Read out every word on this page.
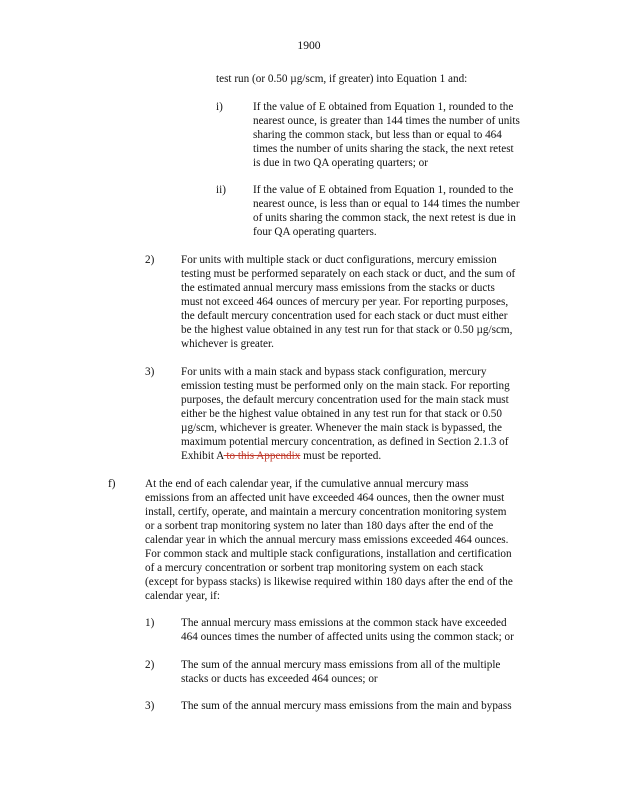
1900
test run (or 0.50 µg/scm, if greater) into Equation 1 and:
i)	If the value of E obtained from Equation 1, rounded to the
nearest ounce, is greater than 144 times the number of units
sharing the common stack, but less than or equal to 464
times the number of units sharing the stack, the next retest
is due in two QA operating quarters; or
ii) If the value of E obtained from Equation 1, rounded to the
nearest ounce, is less than or equal to 144 times the number
of units sharing the common stack, the next retest is due in
four QA operating quarters.
2) For units with multiple stack or duct configurations, mercury emission
testing must be performed separately on each stack or duct, and the sum of
the estimated annual mercury mass emissions from the stacks or ducts
must not exceed 464 ounces of mercury per year. For reporting purposes,
the default mercury concentration used for each stack or duct must either
be the highest value obtained in any test run for that stack or 0.50 µg/scm,
whichever is greater.
3) For units with a main stack and bypass stack configuration, mercury
emission testing must be performed only on the main stack. For reporting
purposes, the default mercury concentration used for the main stack must
either be the highest value obtained in any test run for that stack or 0.50
µg/scm, whichever is greater. Whenever the main stack is bypassed, the
maximum potential mercury concentration, as defined in Section 2.1.3 of
Exhibit A to this Appendix must be reported.
f)	At the end of each calendar year, if the cumulative annual mercury mass
emissions from an affected unit have exceeded 464 ounces, then the owner must
install, certify, operate, and maintain a mercury concentration monitoring system
or a sorbent trap monitoring system no later than 180 days after the end of the
calendar year in which the annual mercury mass emissions exceeded 464 ounces.
For common stack and multiple stack configurations, installation and certification
of a mercury concentration or sorbent trap monitoring system on each stack
(except for bypass stacks) is likewise required within 180 days after the end of the
calendar year, if:
1) The annual mercury mass emissions at the common stack have exceeded
464 ounces times the number of affected units using the common stack; or
2) The sum of the annual mercury mass emissions from all of the multiple
stacks or ducts has exceeded 464 ounces; or
3) The sum of the annual mercury mass emissions from the main and bypass
